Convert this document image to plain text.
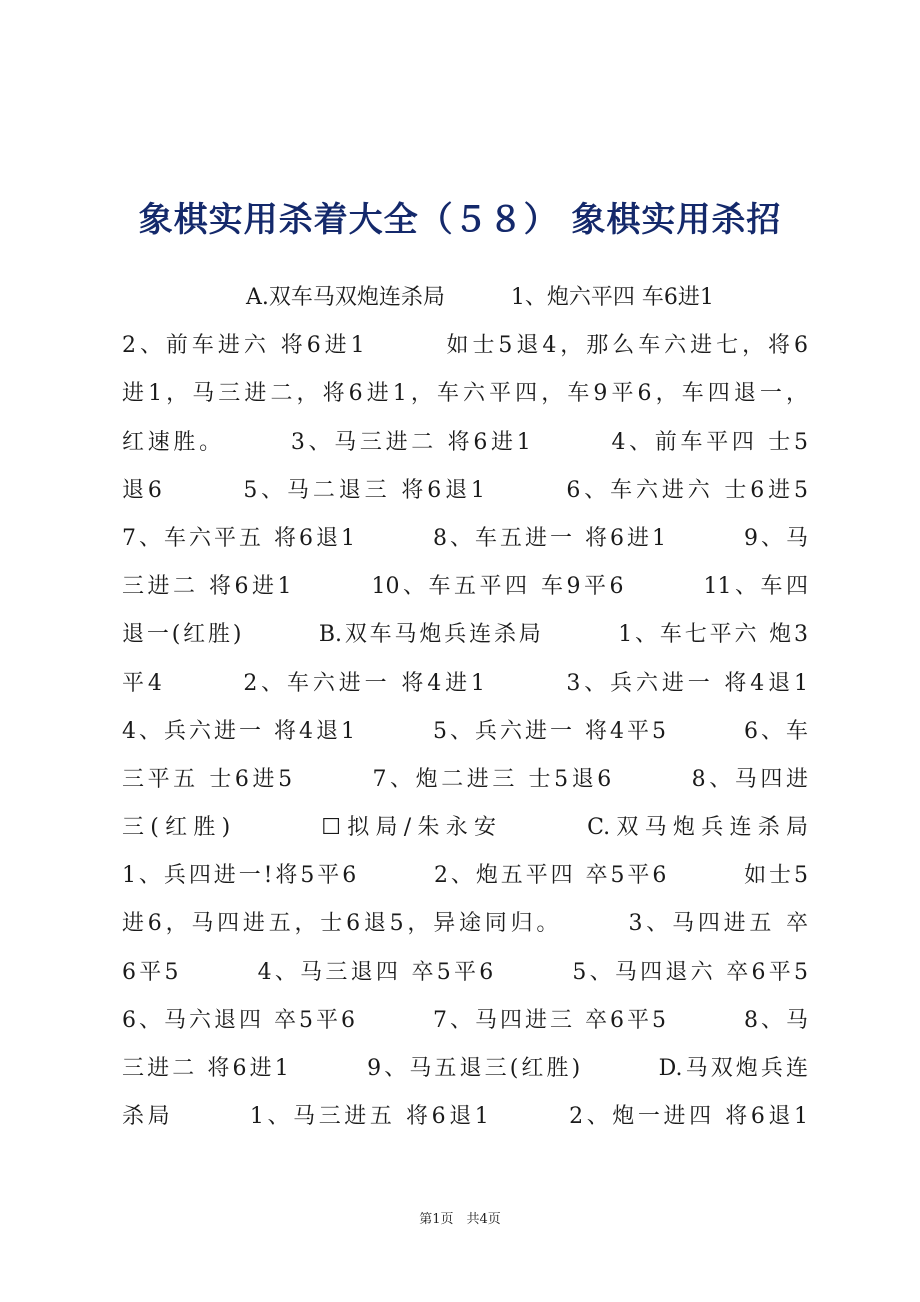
象棋实用杀着大全（５８） 象棋实用杀招
A.双车马双炮连杀局　　　1、炮六平四 车6进1
2、前车进六 将6进1　　　如士5退4，那么车六进七，将6
进1，马三进二，将6进1，车六平四，车9平6，车四退一，
红速胜。　　　3、马三进二 将6进1　　　4、前车平四 士5
退6　　　5、马二退三 将6退1　　　6、车六进六 士6进5
7、车六平五 将6退1　　　8、车五进一 将6进1　　　9、马
三进二 将6进1　　　10、车五平四 车9平6　　　11、车四
退一(红胜)　　　B.双车马炮兵连杀局　　　1、车七平六 炮3
平4　　　2、车六进一 将4进1　　　3、兵六进一 将4退1
4、兵六进一 将4退1　　　5、兵六进一 将4平5　　　6、车
三平五 士6进5　　　7、炮二进三 士5退6　　　8、马四进
三(红胜)　　　☐拟局/朱永安　　　C.双马炮兵连杀局
1、兵四进一!将5平6　　　2、炮五平四 卒5平6　　　如士5
进6，马四进五，士6退5，异途同归。　　　3、马四进五 卒
6平5　　　4、马三退四 卒5平6　　　5、马四退六 卒6平5
6、马六退四 卒5平6　　　7、马四进三 卒6平5　　　8、马
三进二 将6进1　　　9、马五退三(红胜)　　　D.马双炮兵连
杀局　　　1、马三进五 将6退1　　　2、炮一进四 将6退1
第1页　共4页
